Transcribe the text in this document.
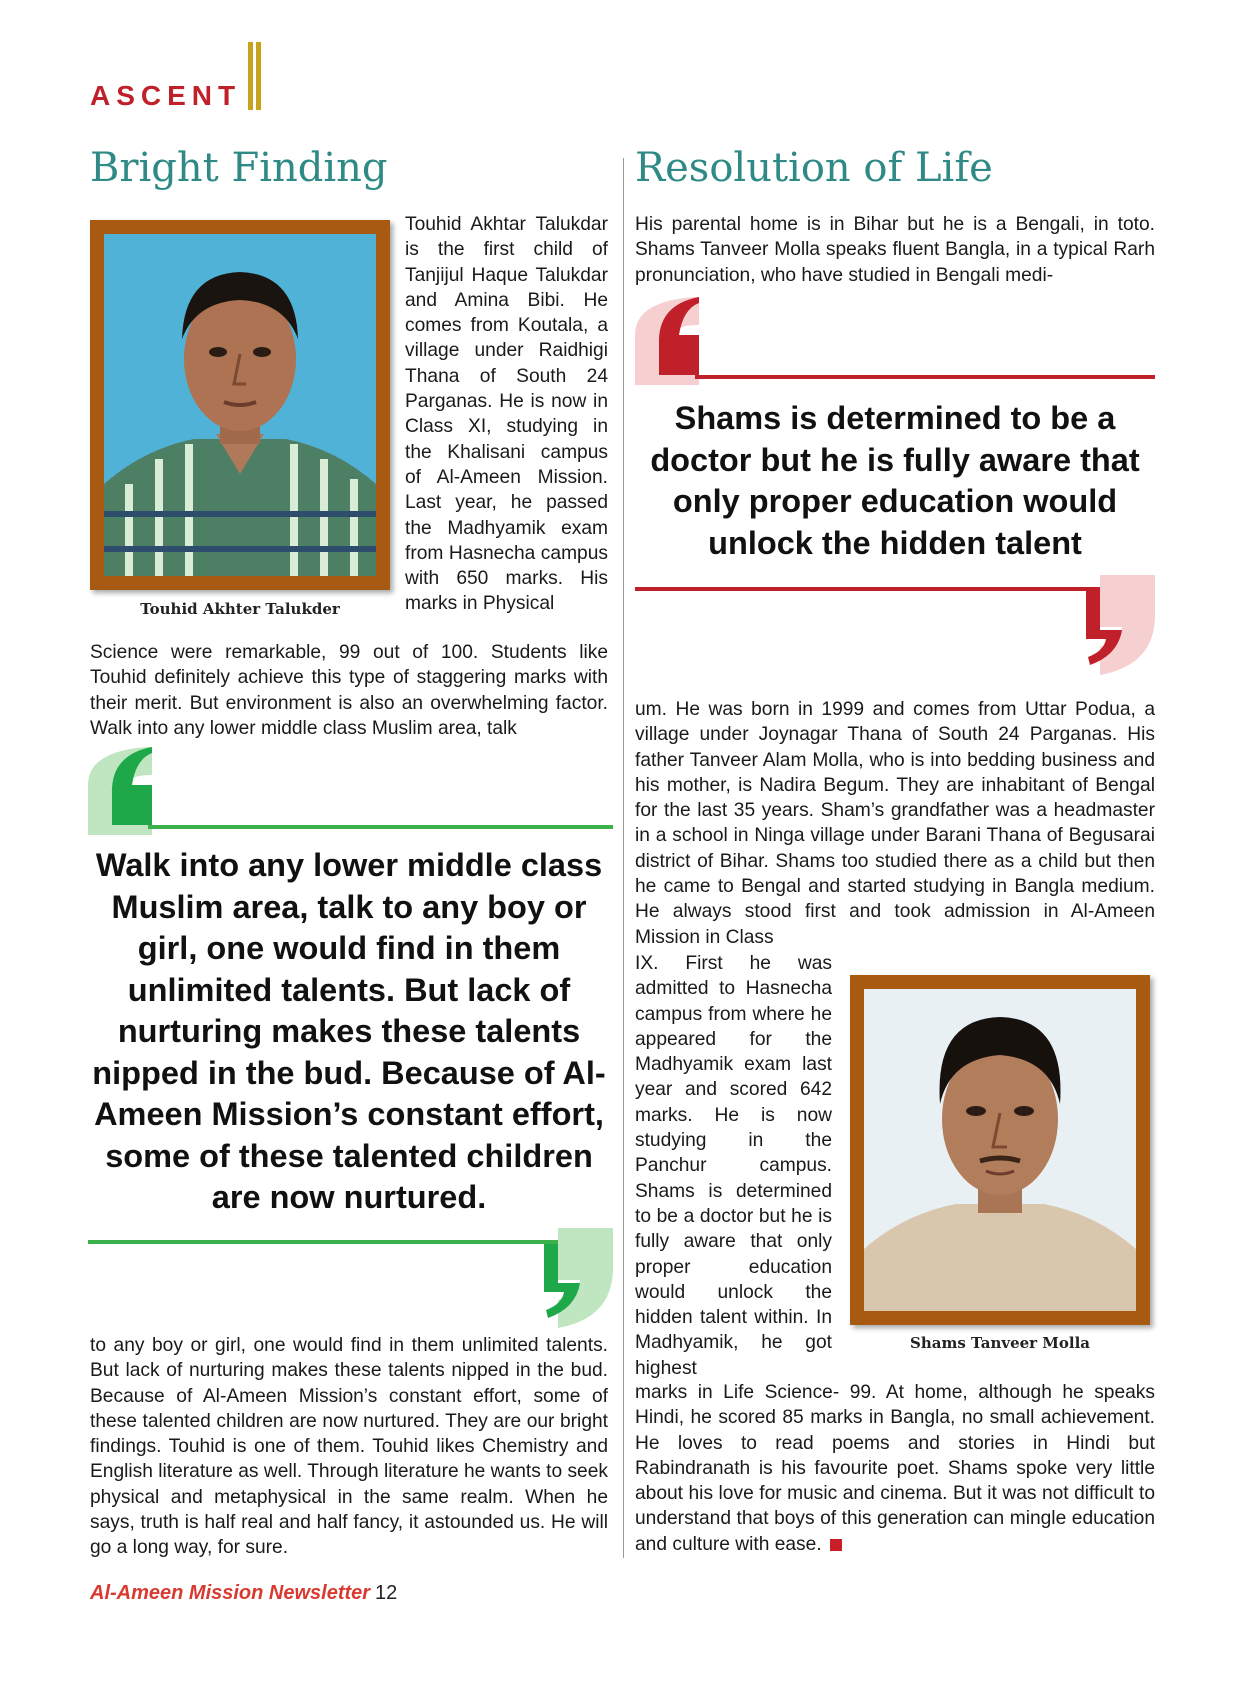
ASCENT
Bright Finding
Touhid Akhter Talukder

Touhid Akhtar Talukdar is the first child of Tanjijul Haque Talukdar and Amina Bibi. He comes from Koutala, a village under Raidhigi Thana of South 24 Parganas. He is now in Class XI, studying in the Khalisani campus of Al-Ameen Mission. Last year, he passed the Madhyamik exam from Hasnecha campus with 650 marks. His marks in Physical

Science were remarkable, 99 out of 100. Students like Touhid definitely achieve this type of staggering marks with their merit. But environment is also an overwhelming factor. Walk into any lower middle class Muslim area, talk

Walk into any lower middle class Muslim area, talk to any boy or girl, one would find in them unlimited talents. But lack of nurturing makes these talents nipped in the bud. Because of Al-Ameen Mission’s constant effort, some of these talented children are now nurtured.

to any boy or girl, one would find in them unlimited talents. But lack of nurturing makes these talents nipped in the bud. Because of Al-Ameen Mission’s constant effort, some of these talented children are now nurtured. They are our bright findings. Touhid is one of them. Touhid likes Chemistry and English literature as well. Through literature he wants to seek physical and metaphysical in the same realm. When he says, truth is half real and half fancy, it astounded us. He will go a long way, for sure.

Resolution of Life

His parental home is in Bihar but he is a Bengali, in toto. Shams Tanveer Molla speaks fluent Bangla, in a typical Rarh pronunciation, who have studied in Bengali medi-

Shams is determined to be a doctor but he is fully aware that only proper education would unlock the hidden talent

um. He was born in 1999 and comes from Uttar Podua, a village under Joynagar Thana of South 24 Parganas. His father Tanveer Alam Molla, who is into bedding business and his mother, is Nadira Begum. They are inhabitant of Bengal for the last 35 years. Sham’s grandfather was a headmaster in a school in Ninga village under Barani Thana of Begusarai district of Bihar. Shams too studied there as a child but then he came to Bengal and started studying in Bangla medium. He always stood first and took admission in Al-Ameen Mission in Class

IX. First he was admitted to Hasnecha campus from where he appeared for the Madhyamik exam last year and scored 642 marks. He is now studying in the Panchur campus. Shams is determined to be a doctor but he is fully aware that only proper education would unlock the hidden talent within. In Madhyamik, he got highest

Shams Tanveer Molla

marks in Life Science- 99. At home, although he speaks Hindi, he scored 85 marks in Bangla, no small achievement. He loves to read poems and stories in Hindi but Rabindranath is his favourite poet. Shams spoke very little about his love for music and cinema. But it was not difficult to understand that boys of this generation can mingle education and culture with ease.

Al-Ameen Mission Newsletter 12
